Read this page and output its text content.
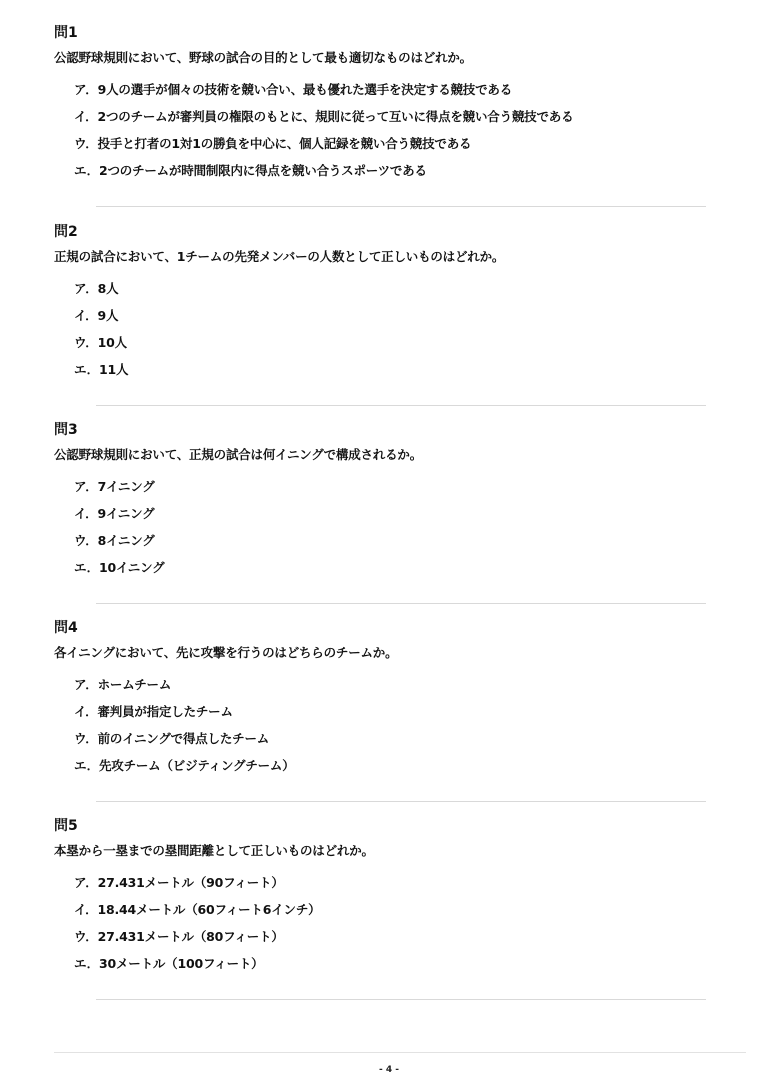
問1
公認野球規則において、野球の試合の目的として最も適切なものはどれか。
ア． 9人の選手が個々の技術を競い合い、最も優れた選手を決定する競技である
イ． 2つのチームが審判員の権限のもとに、規則に従って互いに得点を競い合う競技である
ウ． 投手と打者の1対1の勝負を中心に、個人記録を競い合う競技である
エ． 2つのチームが時間制限内に得点を競い合うスポーツである
問2
正規の試合において、1チームの先発メンバーの人数として正しいものはどれか。
ア． 8人
イ． 9人
ウ． 10人
エ． 11人
問3
公認野球規則において、正規の試合は何イニングで構成されるか。
ア． 7イニング
イ． 9イニング
ウ． 8イニング
エ． 10イニング
問4
各イニングにおいて、先に攻撃を行うのはどちらのチームか。
ア． ホームチーム
イ． 審判員が指定したチーム
ウ． 前のイニングで得点したチーム
エ． 先攻チーム（ビジティングチーム）
問5
本塁から一塁までの塁間距離として正しいものはどれか。
ア． 27.431メートル（90フィート）
イ． 18.44メートル（60フィート6インチ）
ウ． 27.431メートル（80フィート）
エ． 30メートル（100フィート）
- 4 -
